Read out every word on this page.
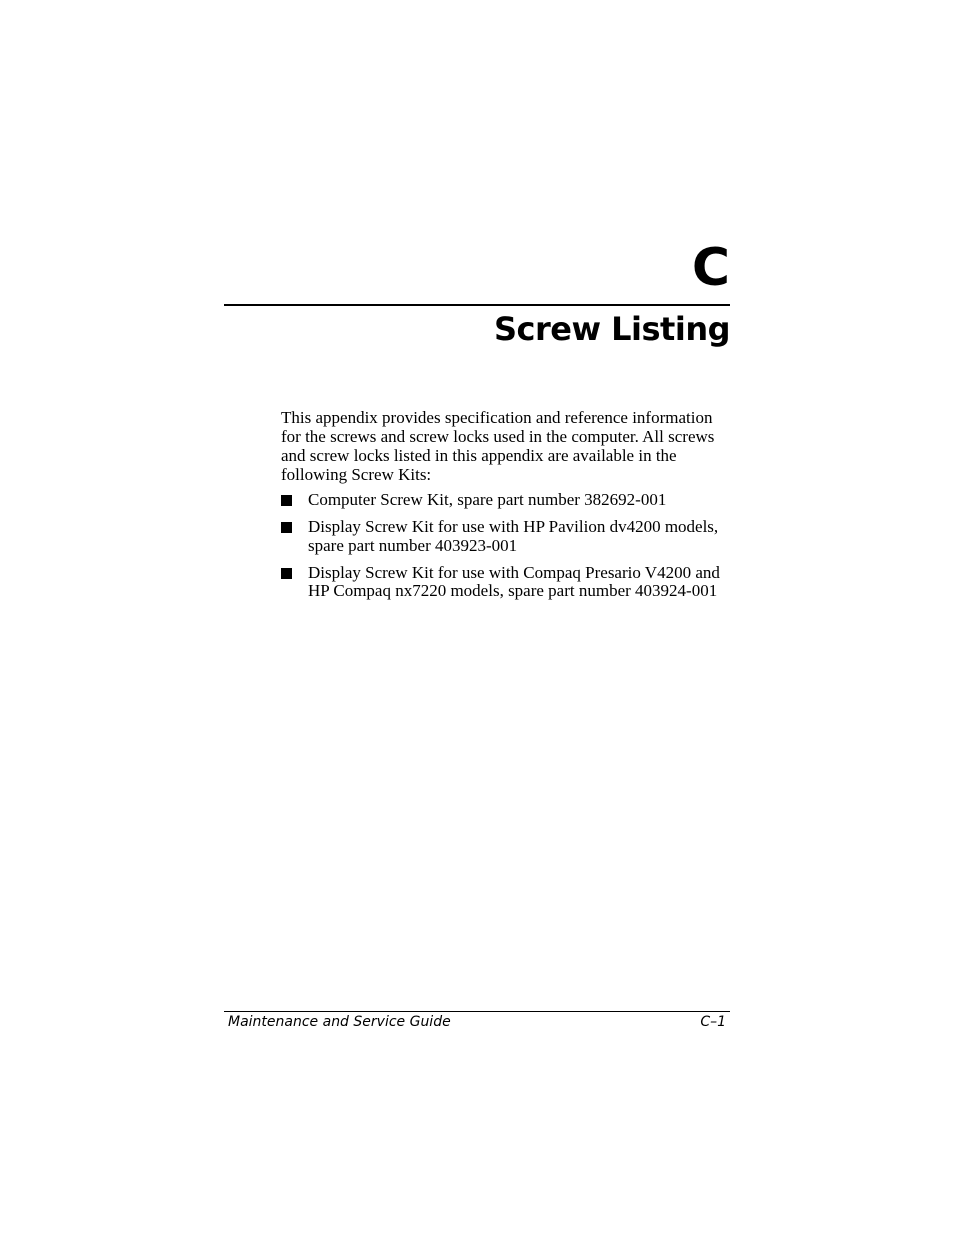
C
Screw Listing

This appendix provides specification and reference information for the screws and screw locks used in the computer. All screws and screw locks listed in this appendix are available in the following Screw Kits:

Computer Screw Kit, spare part number 382692-001
Display Screw Kit for use with HP Pavilion dv4200 models, spare part number 403923-001
Display Screw Kit for use with Compaq Presario V4200 and HP Compaq nx7220 models, spare part number 403924-001
Maintenance and Service Guide	C–1
